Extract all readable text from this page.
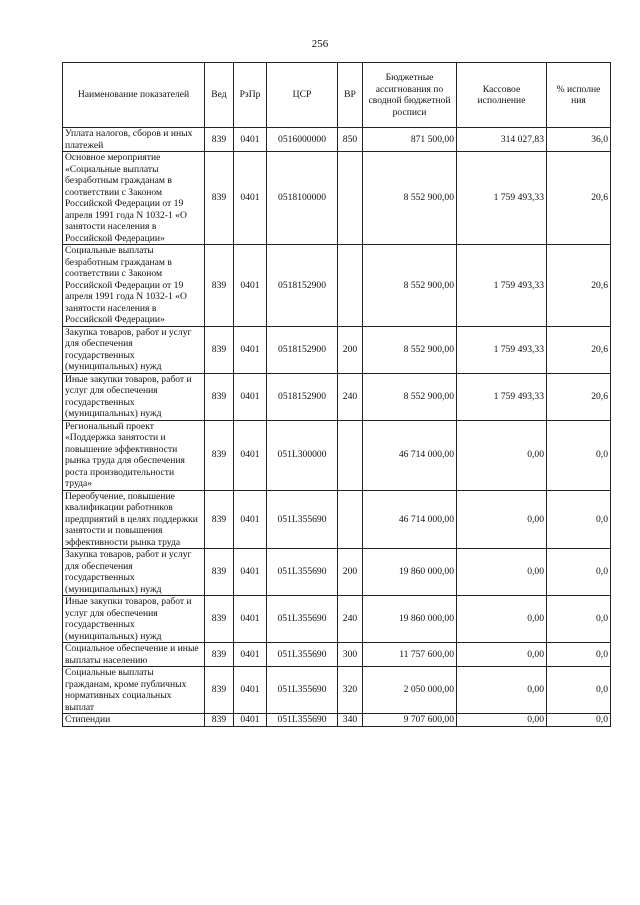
256
Наименование показателей	Вед	РзПр	ЦСР	ВР	Бюджетные ассигнования по сводной бюджетной росписи	Кассовое исполнение	% исполне ния
Уплата налогов, сборов и иных платежей	839	0401	0516000000	850	871 500,00	314 027,83	36,0
Основное мероприятие «Социальные выплаты безработным гражданам в соответствии с Законом Российской Федерации от 19 апреля 1991 года N 1032-1 «О занятости населения в Российской Федерации»	839	0401	0518100000		8 552 900,00	1 759 493,33	20,6
Социальные выплаты безработным гражданам в соответствии с Законом Российской Федерации от 19 апреля 1991 года N 1032-1 «О занятости населения в Российской Федерации»	839	0401	0518152900		8 552 900,00	1 759 493,33	20,6
Закупка товаров, работ и услуг для обеспечения государственных (муниципальных) нужд	839	0401	0518152900	200	8 552 900,00	1 759 493,33	20,6
Иные закупки товаров, работ и услуг для обеспечения государственных (муниципальных) нужд	839	0401	0518152900	240	8 552 900,00	1 759 493,33	20,6
Региональный проект «Поддержка занятости и повышение эффективности рынка труда для обеспечения роста производительности труда»	839	0401	051L300000		46 714 000,00	0,00	0,0
Переобучение, повышение квалификации работников предприятий в целях поддержки занятости и повышения эффективности рынка труда	839	0401	051L355690		46 714 000,00	0,00	0,0
Закупка товаров, работ и услуг для обеспечения государственных (муниципальных) нужд	839	0401	051L355690	200	19 860 000,00	0,00	0,0
Иные закупки товаров, работ и услуг для обеспечения государственных (муниципальных) нужд	839	0401	051L355690	240	19 860 000,00	0,00	0,0
Социальное обеспечение и иные выплаты населению	839	0401	051L355690	300	11 757 600,00	0,00	0,0
Социальные выплаты гражданам, кроме публичных нормативных социальных выплат	839	0401	051L355690	320	2 050 000,00	0,00	0,0
Стипендии	839	0401	051L355690	340	9 707 600,00	0,00	0,0
